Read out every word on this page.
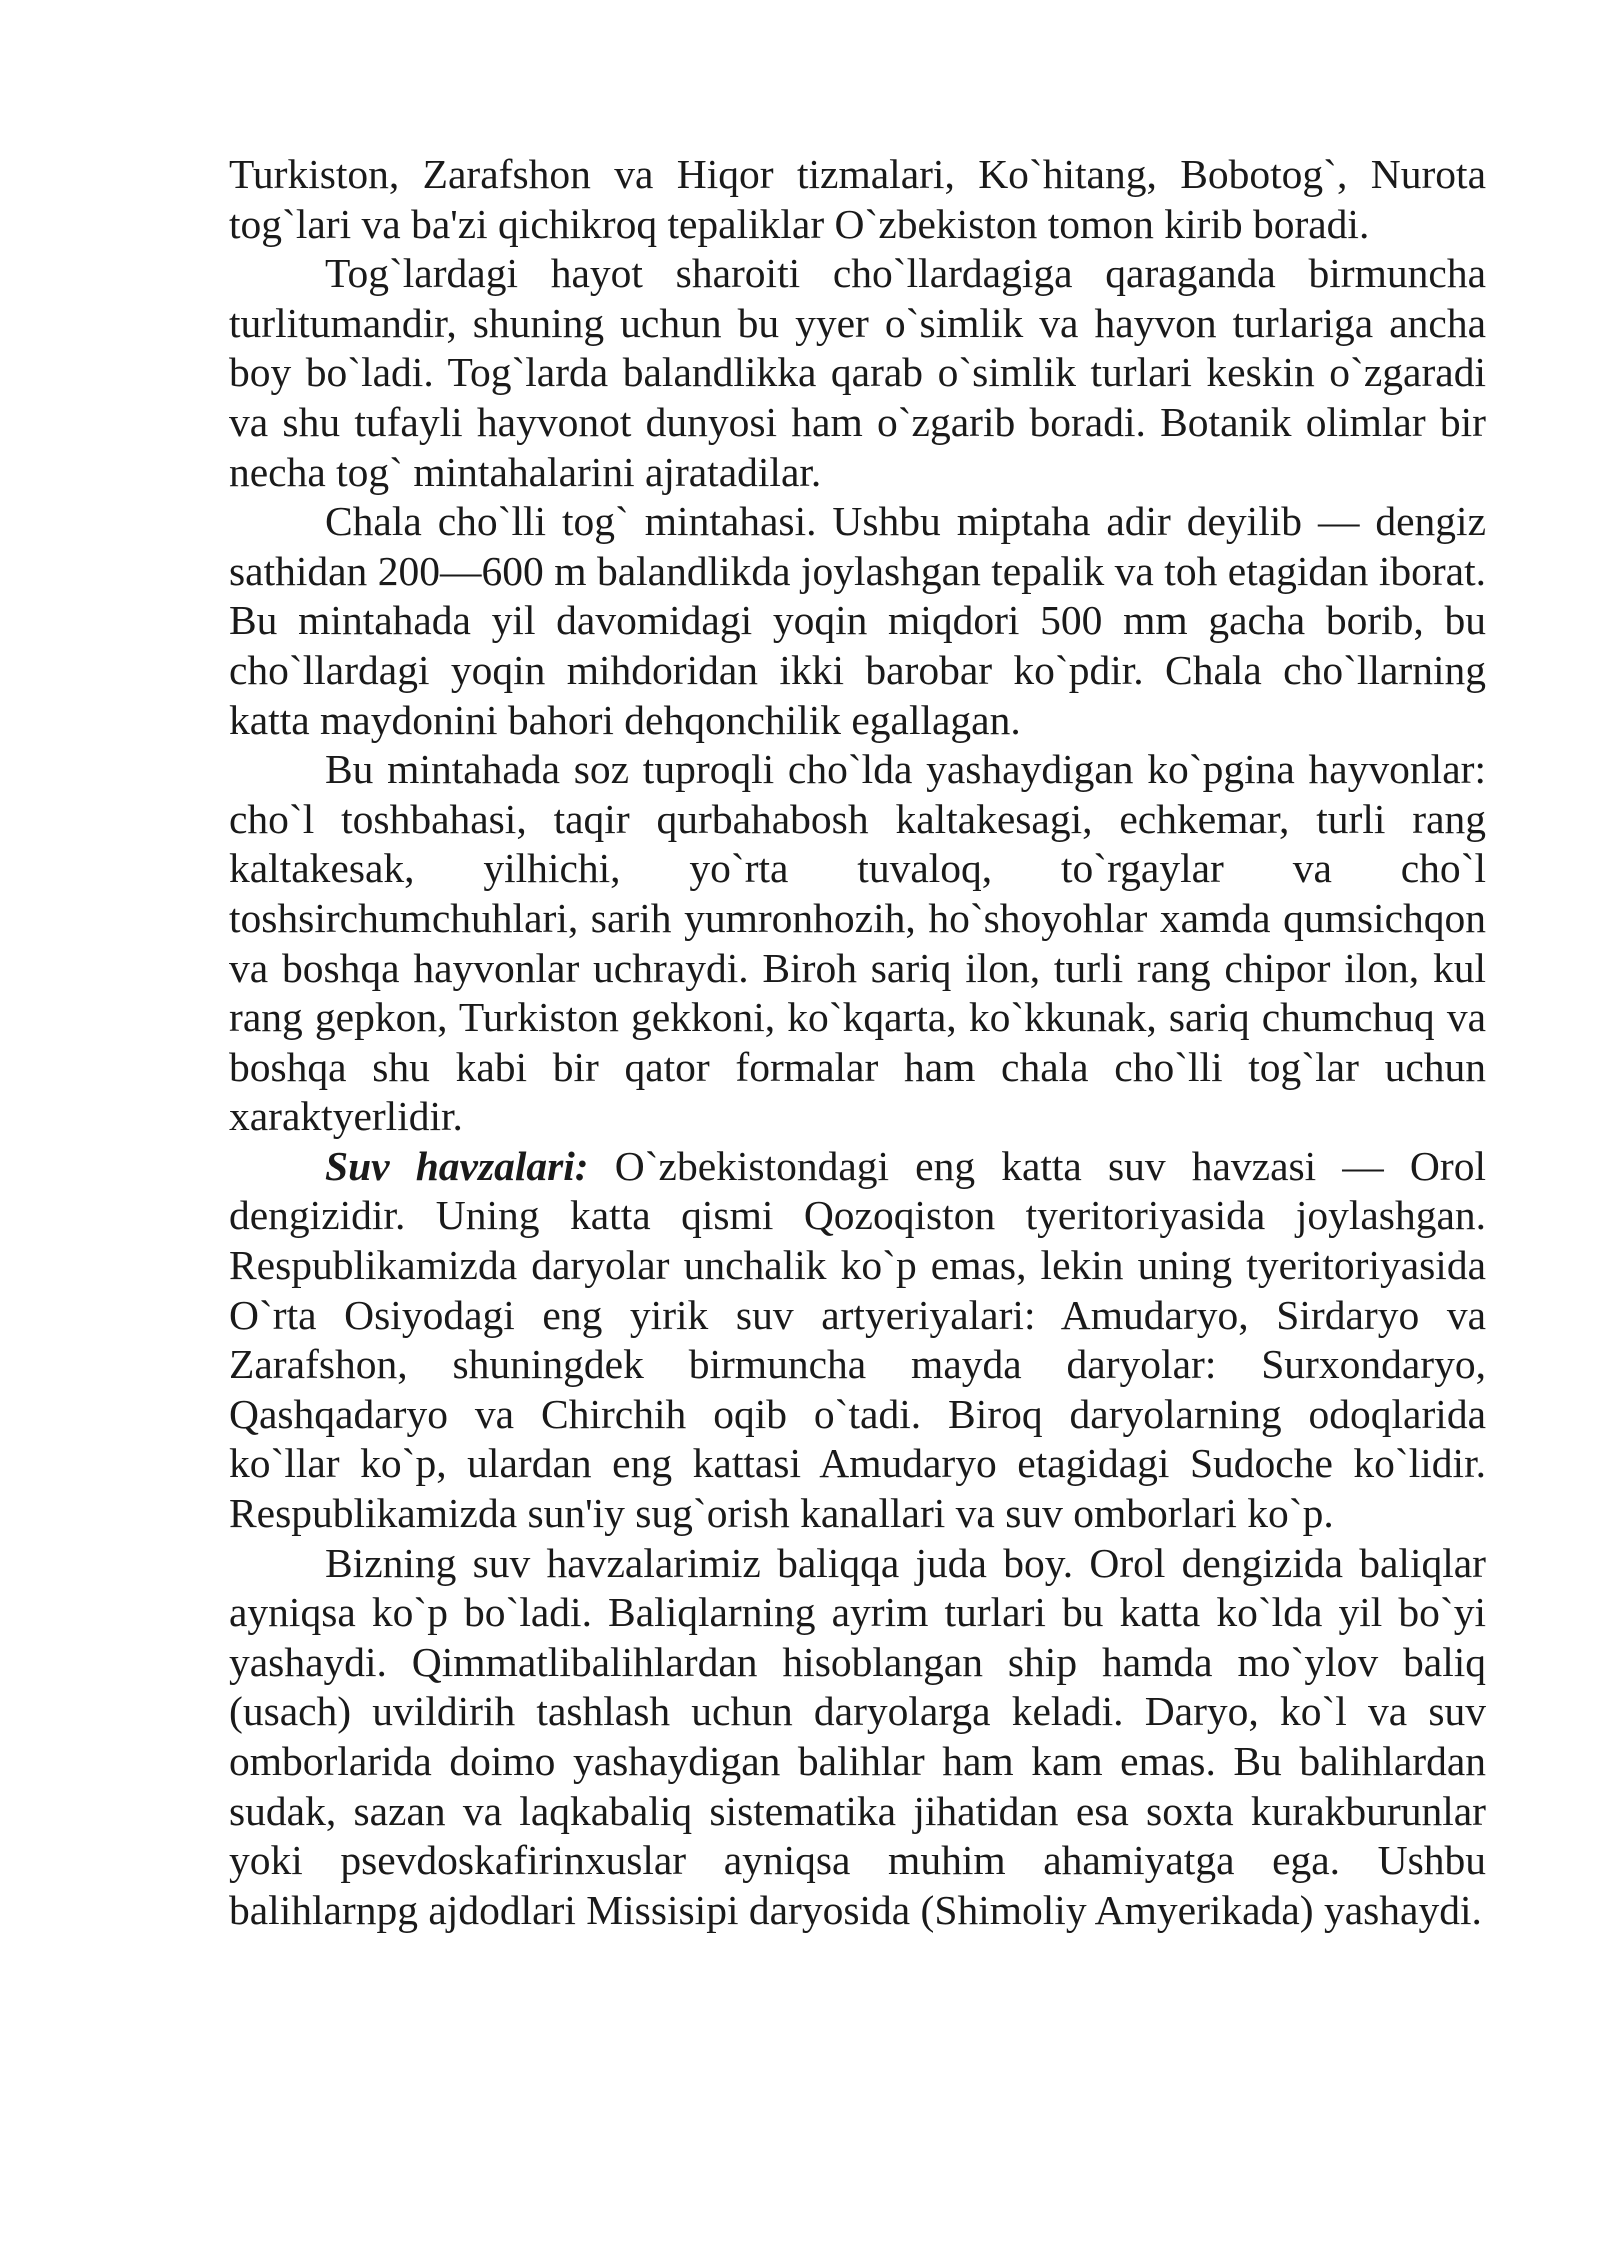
Turkiston, Zarafshon va Hiqor tizmalari, Ko`hitang, Bobotog`, Nurota tog`lari va ba'zi qichikroq tepaliklar O`zbekiston tomon kirib boradi.

Tog`lardagi hayot sharoiti cho`llardagiga qaraganda birmuncha turlitumandir, shuning uchun bu yyer o`simlik va hayvon turlariga ancha boy bo`ladi. Tog`larda balandlikka qarab o`simlik turlari keskin o`zgaradi va shu tufayli hayvonot dunyosi ham o`zgarib boradi. Botanik olimlar bir necha tog` mintahalarini ajratadilar.

Chala cho`lli tog` mintahasi. Ushbu miptaha adir deyilib — dengiz sathidan 200—600 m balandlikda joylashgan tepalik va toh etagidan iborat. Bu mintahada yil davomidagi yoqin miqdori 500 mm gacha borib, bu cho`llardagi yoqin mihdoridan ikki barobar ko`pdir. Chala cho`llarning katta maydonini bahori dehqonchilik egallagan.

Bu mintahada soz tuproqli cho`lda yashaydigan ko`pgina hayvonlar: cho`l toshbahasi, taqir qurbahabosh kaltakesagi, echkemar, turli rang kaltakesak, yilhichi, yo`rta tuvaloq, to`rgaylar va cho`l toshsirchumchuhlari, sarih yumronhozih, ho`shoyohlar xamda qumsichqon va boshqa hayvonlar uchraydi. Biroh sariq ilon, turli rang chipor ilon, kul rang gepkon, Turkiston gekkoni, ko`kqarta, ko`kkunak, sariq chumchuq va boshqa shu kabi bir qator formalar ham chala cho`lli tog`lar uchun xaraktyerlidir.

Suv havzalari: O`zbekistondagi eng katta suv havzasi — Orol dengizidir. Uning katta qismi Qozoqiston tyeritoriyasida joylashgan. Respublikamizda daryolar unchalik ko`p emas, lekin uning tyeritoriyasida O`rta Osiyodagi eng yirik suv artyeriyalari: Amudaryo, Sirdaryo va Zarafshon, shuningdek birmuncha mayda daryolar: Surxondaryo, Qashqadaryo va Chirchih oqib o`tadi. Biroq daryolarning odoqlarida ko`llar ko`p, ulardan eng kattasi Amudaryo etagidagi Sudoche ko`lidir. Respublikamizda sun'iy sug`orish kanallari va suv omborlari ko`p.

Bizning suv havzalarimiz baliqqa juda boy. Orol dengizida baliqlar ayniqsa ko`p bo`ladi. Baliqlarning ayrim turlari bu katta ko`lda yil bo`yi yashaydi. Qimmatlibalihlardan hisoblangan ship hamda mo`ylov baliq (usach) uvildirih tashlash uchun daryolarga keladi. Daryo, ko`l va suv omborlarida doimo yashaydigan balihlar ham kam emas. Bu balihlardan sudak, sazan va laqkabaliq sistematika jihatidan esa soxta kurakburunlar yoki psevdoskafirinxuslar ayniqsa muhim ahamiyatga ega. Ushbu balihlarnpg ajdodlari Missisipi daryosida (Shimoliy Amyerikada) yashaydi.
